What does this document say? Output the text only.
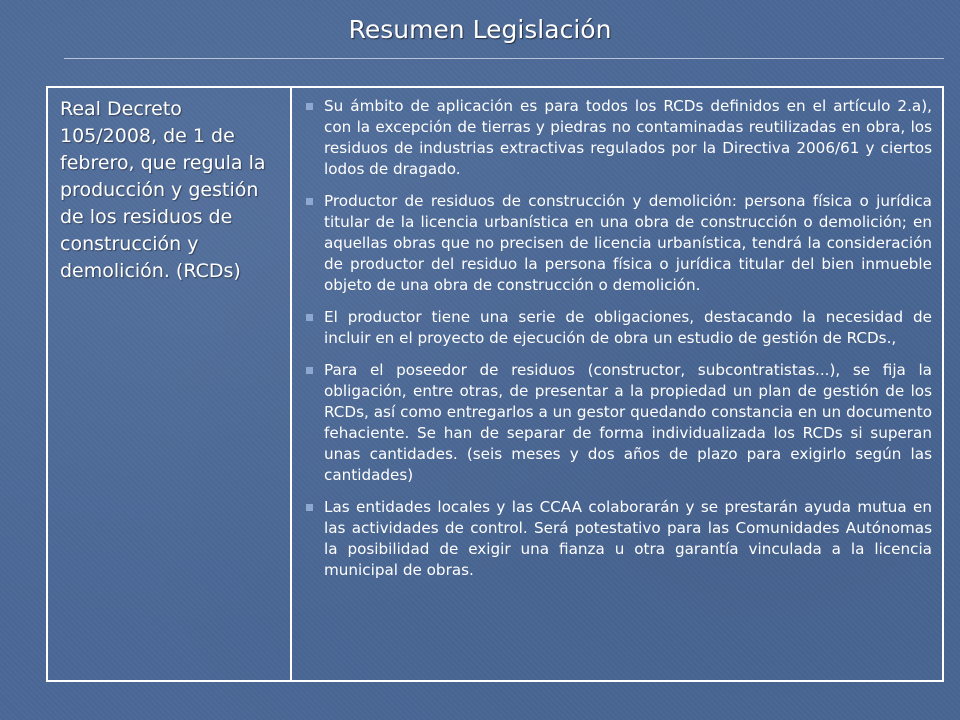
Resumen Legislación
Real Decreto 105/2008, de 1 de febrero, que regula la producción y gestión de los residuos de construcción y demolición. (RCDs)	
Su ámbito de aplicación es para todos los RCDs definidos en el artículo 2.a), con la excepción de tierras y piedras no contaminadas reutilizadas en obra, los residuos de industrias extractivas regulados por la Directiva 2006/61 y ciertos lodos de dragado.
Productor de residuos de construcción y demolición: persona física o jurídica titular de la licencia urbanística en una obra de construcción o demolición; en aquellas obras que no precisen de licencia urbanística, tendrá la consideración de productor del residuo la persona física o jurídica titular del bien inmueble objeto de una obra de construcción o demolición.
El productor tiene una serie de obligaciones, destacando la necesidad de incluir en el proyecto de ejecución de obra un estudio de gestión de RCDs.,
Para el poseedor de residuos (constructor, subcontratistas...), se fija la obligación, entre otras, de presentar a la propiedad un plan de gestión de los RCDs, así como entregarlos a un gestor quedando constancia en un documento fehaciente. Se han de separar de forma individualizada los RCDs si superan unas cantidades. (seis meses y dos años de plazo para exigirlo según las cantidades)
Las entidades locales y las CCAA colaborarán y se prestarán ayuda mutua en las actividades de control. Será potestativo para las Comunidades Autónomas la posibilidad de exigir una fianza u otra garantía vinculada a la licencia municipal de obras.
